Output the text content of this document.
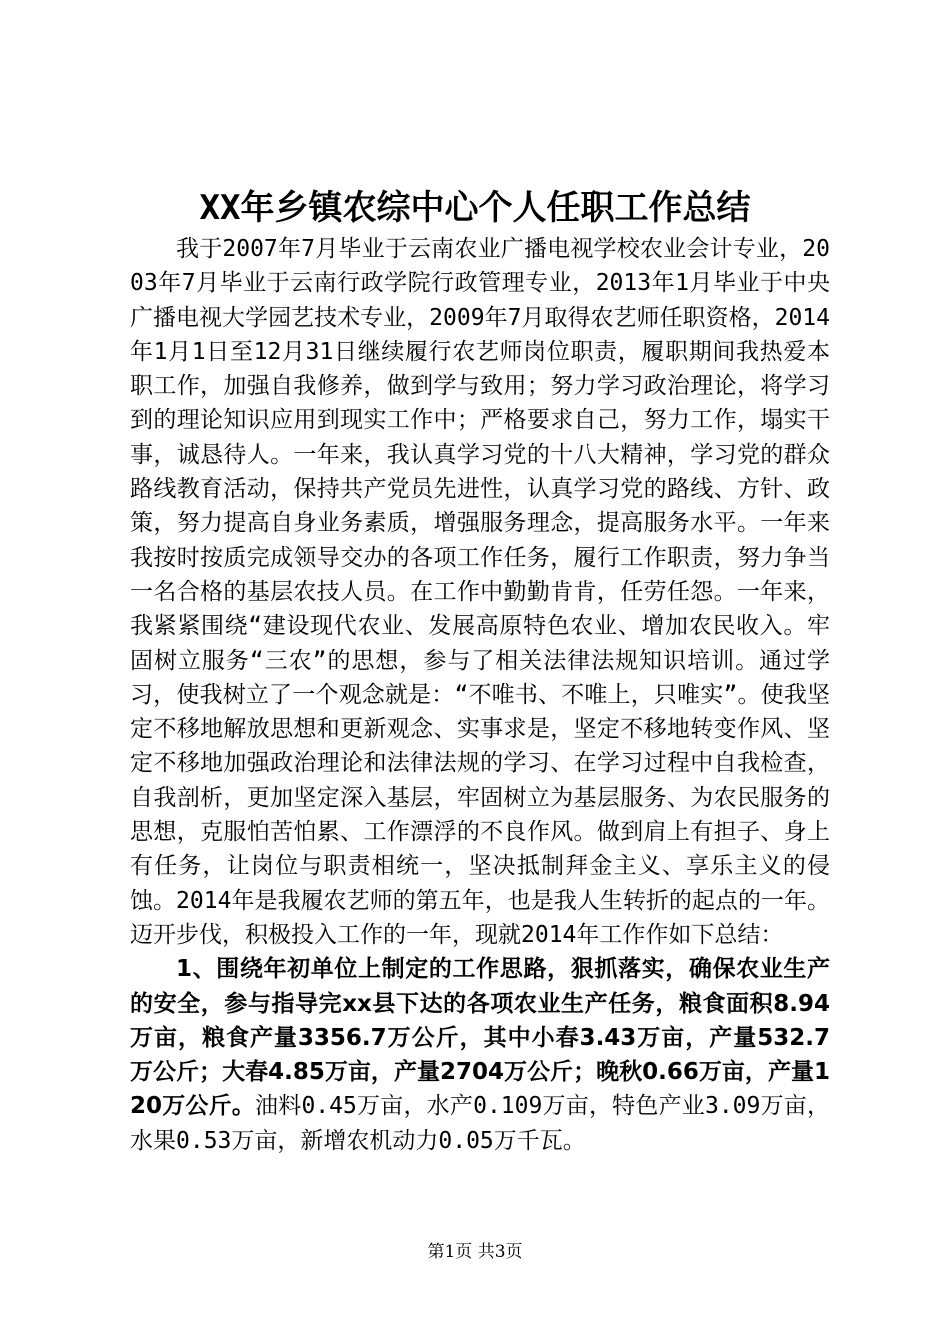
XX年乡镇农综中心个人任职工作总结

我于2007年7月毕业于云南农业广播电视学校农业会计专业，2003年7月毕业于云南行政学院行政管理专业，2013年1月毕业于中央广播电视大学园艺技术专业，2009年7月取得农艺师任职资格，2014年1月1日至12月31日继续履行农艺师岗位职责，履职期间我热爱本职工作，加强自我修养，做到学与致用；努力学习政治理论，将学习到的理论知识应用到现实工作中；严格要求自己，努力工作，塌实干事，诚恳待人。一年来，我认真学习党的十八大精神，学习党的群众路线教育活动，保持共产党员先进性，认真学习党的路线、方针、政策，努力提高自身业务素质，增强服务理念，提高服务水平。一年来我按时按质完成领导交办的各项工作任务，履行工作职责，努力争当一名合格的基层农技人员。在工作中勤勤肯肯，任劳任怨。一年来，我紧紧围绕“建设现代农业、发展高原特色农业、增加农民收入。牢固树立服务“三农”的思想，参与了相关法律法规知识培训。通过学习，使我树立了一个观念就是：“不唯书、不唯上，只唯实”。使我坚定不移地解放思想和更新观念、实事求是，坚定不移地转变作风、坚定不移地加强政治理论和法律法规的学习、在学习过程中自我检查，自我剖析，更加坚定深入基层，牢固树立为基层服务、为农民服务的思想，克服怕苦怕累、工作漂浮的不良作风。做到肩上有担子、身上有任务，让岗位与职责相统一，坚决抵制拜金主义、享乐主义的侵蚀。2014年是我履农艺师的第五年，也是我人生转折的起点的一年。迈开步伐，积极投入工作的一年，现就2014年工作作如下总结：

1、围绕年初单位上制定的工作思路，狠抓落实，确保农业生产的安全，参与指导完xx县下达的各项农业生产任务，粮食面积8.94万亩，粮食产量3356.7万公斤，其中小春3.43万亩，产量532.7万公斤；大春4.85万亩，产量2704万公斤；晚秋0.66万亩，产量120万公斤。油料0.45万亩，水产0.109万亩，特色产业3.09万亩，水果0.53万亩，新增农机动力0.05万千瓦。

第1页 共3页
